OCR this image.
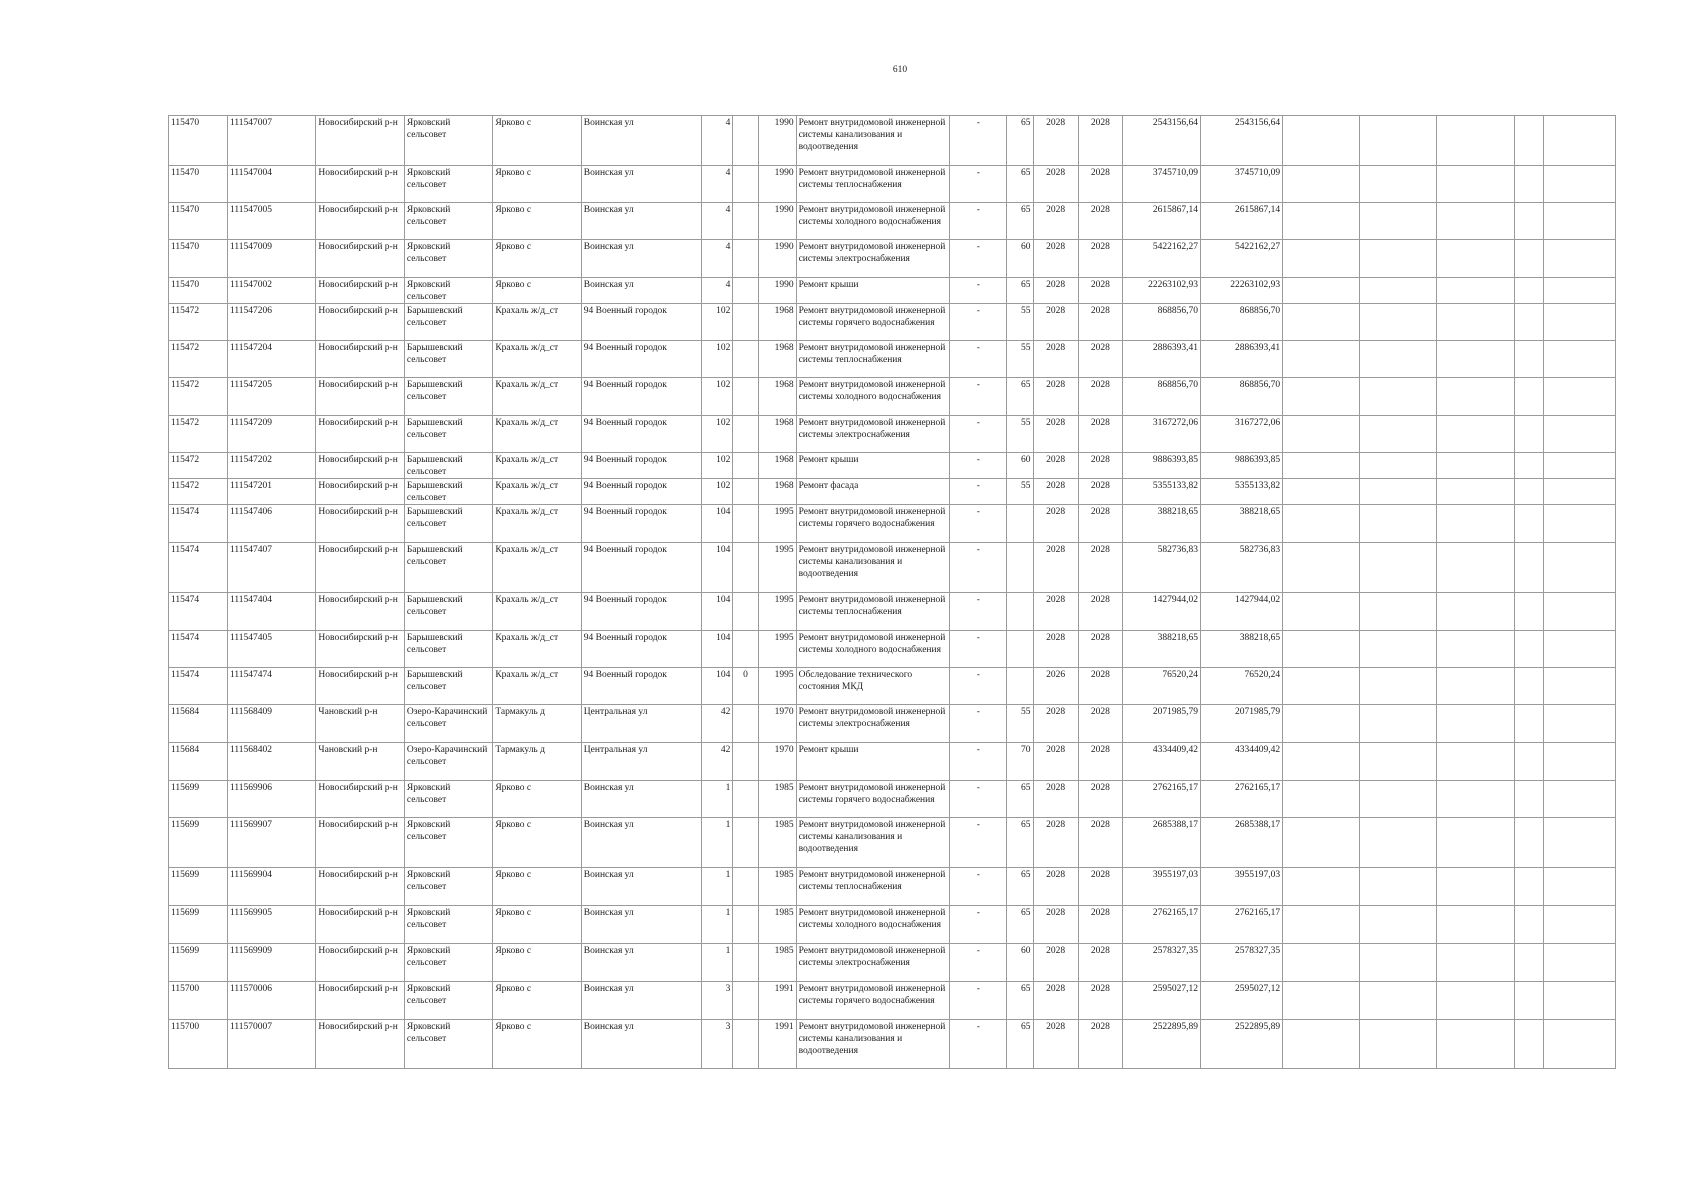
610
115470	111547007	Новосибирский р-н	Ярковский сельсовет	Ярково с	Воинская ул	4		1990	Ремонт внутридомовой инженерной системы канализования и водоотведения	-	65	2028	2028	2543156,64	2543156,64					
115470	111547004	Новосибирский р-н	Ярковский сельсовет	Ярково с	Воинская ул	4		1990	Ремонт внутридомовой инженерной системы теплоснабжения	-	65	2028	2028	3745710,09	3745710,09					
115470	111547005	Новосибирский р-н	Ярковский сельсовет	Ярково с	Воинская ул	4		1990	Ремонт внутридомовой инженерной системы холодного водоснабжения	-	65	2028	2028	2615867,14	2615867,14					
115470	111547009	Новосибирский р-н	Ярковский сельсовет	Ярково с	Воинская ул	4		1990	Ремонт внутридомовой инженерной системы электроснабжения	-	60	2028	2028	5422162,27	5422162,27					
115470	111547002	Новосибирский р-н	Ярковский сельсовет	Ярково с	Воинская ул	4		1990	Ремонт крыши	-	65	2028	2028	22263102,93	22263102,93					
115472	111547206	Новосибирский р-н	Барышевский сельсовет	Крахаль ж/д_ст	94 Военный городок	102		1968	Ремонт внутридомовой инженерной системы горячего водоснабжения	-	55	2028	2028	868856,70	868856,70					
115472	111547204	Новосибирский р-н	Барышевский сельсовет	Крахаль ж/д_ст	94 Военный городок	102		1968	Ремонт внутридомовой инженерной системы теплоснабжения	-	55	2028	2028	2886393,41	2886393,41					
115472	111547205	Новосибирский р-н	Барышевский сельсовет	Крахаль ж/д_ст	94 Военный городок	102		1968	Ремонт внутридомовой инженерной системы холодного водоснабжения	-	65	2028	2028	868856,70	868856,70					
115472	111547209	Новосибирский р-н	Барышевский сельсовет	Крахаль ж/д_ст	94 Военный городок	102		1968	Ремонт внутридомовой инженерной системы электроснабжения	-	55	2028	2028	3167272,06	3167272,06					
115472	111547202	Новосибирский р-н	Барышевский сельсовет	Крахаль ж/д_ст	94 Военный городок	102		1968	Ремонт крыши	-	60	2028	2028	9886393,85	9886393,85					
115472	111547201	Новосибирский р-н	Барышевский сельсовет	Крахаль ж/д_ст	94 Военный городок	102		1968	Ремонт фасада	-	55	2028	2028	5355133,82	5355133,82					
115474	111547406	Новосибирский р-н	Барышевский сельсовет	Крахаль ж/д_ст	94 Военный городок	104		1995	Ремонт внутридомовой инженерной системы горячего водоснабжения	-		2028	2028	388218,65	388218,65					
115474	111547407	Новосибирский р-н	Барышевский сельсовет	Крахаль ж/д_ст	94 Военный городок	104		1995	Ремонт внутридомовой инженерной системы канализования и водоотведения	-		2028	2028	582736,83	582736,83					
115474	111547404	Новосибирский р-н	Барышевский сельсовет	Крахаль ж/д_ст	94 Военный городок	104		1995	Ремонт внутридомовой инженерной системы теплоснабжения	-		2028	2028	1427944,02	1427944,02					
115474	111547405	Новосибирский р-н	Барышевский сельсовет	Крахаль ж/д_ст	94 Военный городок	104		1995	Ремонт внутридомовой инженерной системы холодного водоснабжения	-		2028	2028	388218,65	388218,65					
115474	111547474	Новосибирский р-н	Барышевский сельсовет	Крахаль ж/д_ст	94 Военный городок	104	0	1995	Обследование технического состояния МКД	-		2026	2028	76520,24	76520,24					
115684	111568409	Чановский р-н	Озеро-Карачинский сельсовет	Тармакуль д	Центральная ул	42		1970	Ремонт внутридомовой инженерной системы электроснабжения	-	55	2028	2028	2071985,79	2071985,79					
115684	111568402	Чановский р-н	Озеро-Карачинский сельсовет	Тармакуль д	Центральная ул	42		1970	Ремонт крыши	-	70	2028	2028	4334409,42	4334409,42					
115699	111569906	Новосибирский р-н	Ярковский сельсовет	Ярково с	Воинская ул	1		1985	Ремонт внутридомовой инженерной системы горячего водоснабжения	-	65	2028	2028	2762165,17	2762165,17					
115699	111569907	Новосибирский р-н	Ярковский сельсовет	Ярково с	Воинская ул	1		1985	Ремонт внутридомовой инженерной системы канализования и водоотведения	-	65	2028	2028	2685388,17	2685388,17					
115699	111569904	Новосибирский р-н	Ярковский сельсовет	Ярково с	Воинская ул	1		1985	Ремонт внутридомовой инженерной системы теплоснабжения	-	65	2028	2028	3955197,03	3955197,03					
115699	111569905	Новосибирский р-н	Ярковский сельсовет	Ярково с	Воинская ул	1		1985	Ремонт внутридомовой инженерной системы холодного водоснабжения	-	65	2028	2028	2762165,17	2762165,17					
115699	111569909	Новосибирский р-н	Ярковский сельсовет	Ярково с	Воинская ул	1		1985	Ремонт внутридомовой инженерной системы электроснабжения	-	60	2028	2028	2578327,35	2578327,35					
115700	111570006	Новосибирский р-н	Ярковский сельсовет	Ярково с	Воинская ул	3		1991	Ремонт внутридомовой инженерной системы горячего водоснабжения	-	65	2028	2028	2595027,12	2595027,12					
115700	111570007	Новосибирский р-н	Ярковский сельсовет	Ярково с	Воинская ул	3		1991	Ремонт внутридомовой инженерной системы канализования и водоотведения	-	65	2028	2028	2522895,89	2522895,89					
